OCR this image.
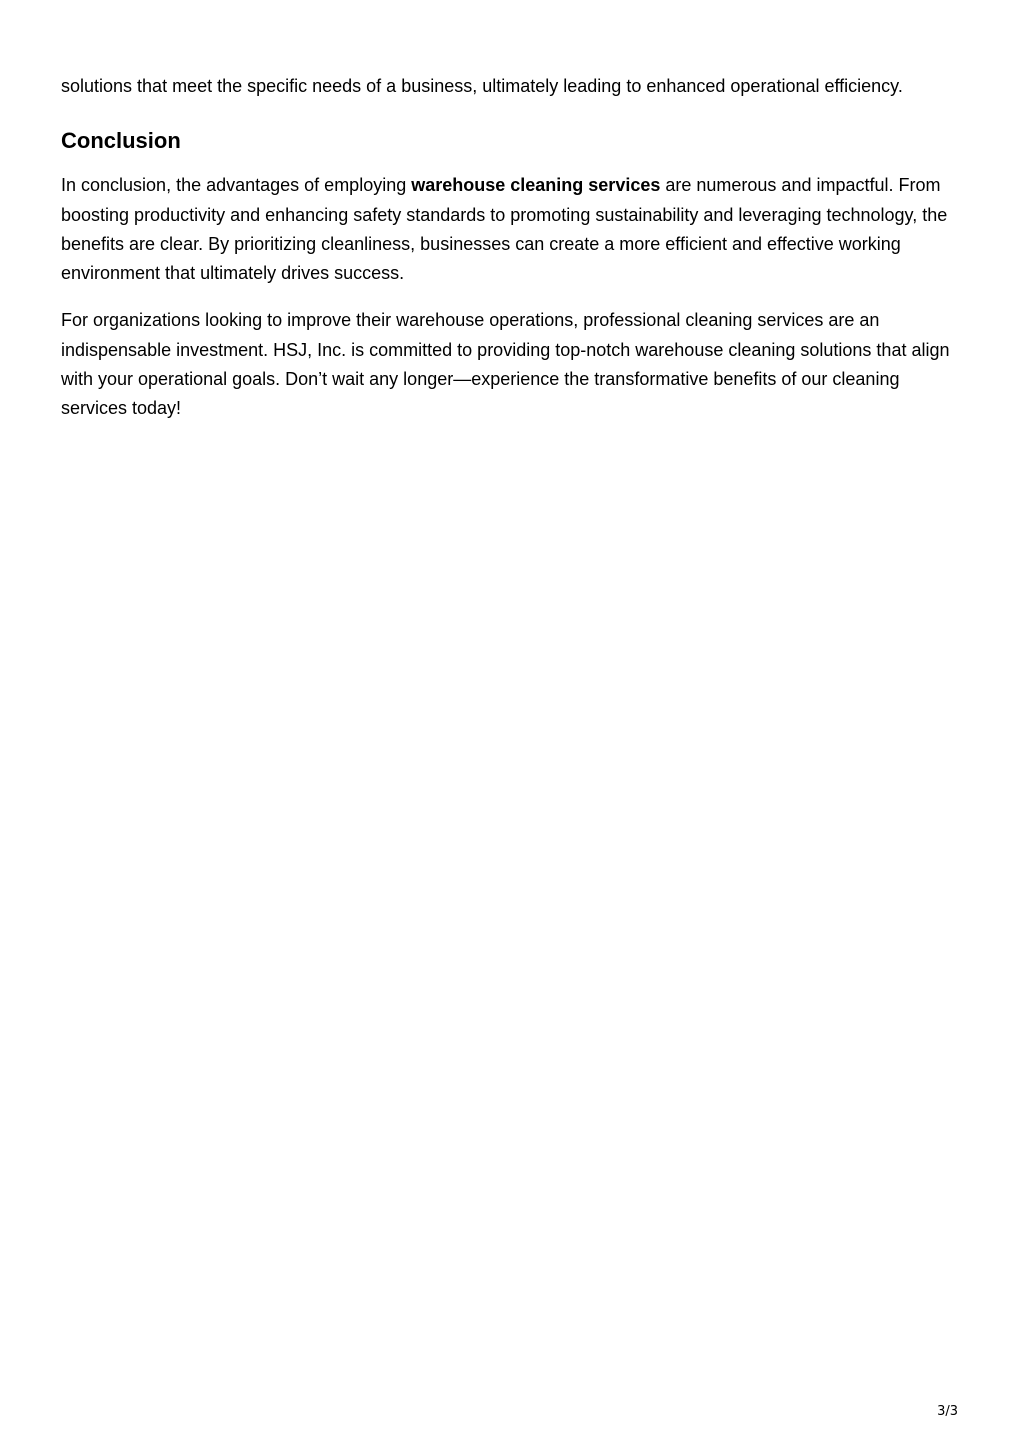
solutions that meet the specific needs of a business, ultimately leading to enhanced operational efficiency.

Conclusion

In conclusion, the advantages of employing warehouse cleaning services are numerous and impactful. From boosting productivity and enhancing safety standards to promoting sustainability and leveraging technology, the benefits are clear. By prioritizing cleanliness, businesses can create a more efficient and effective working environment that ultimately drives success.

For organizations looking to improve their warehouse operations, professional cleaning services are an indispensable investment. HSJ, Inc. is committed to providing top-notch warehouse cleaning solutions that align with your operational goals. Don’t wait any longer—experience the transformative benefits of our cleaning services today!

3/3
